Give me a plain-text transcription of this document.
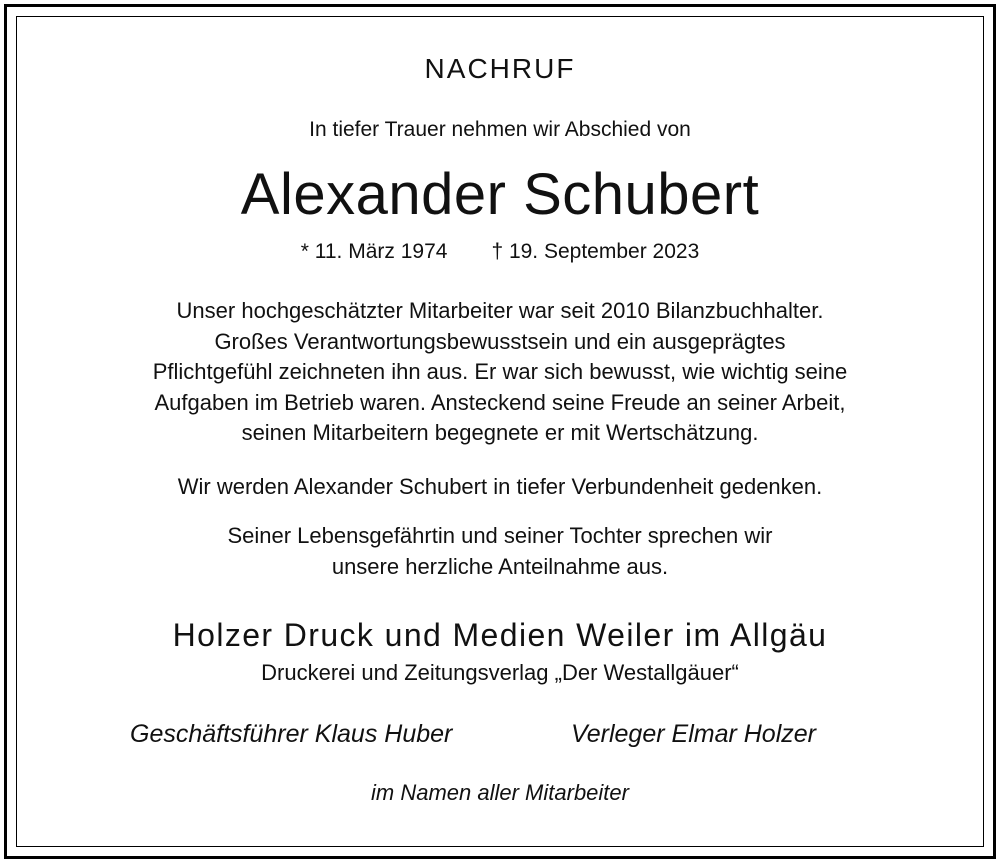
NACHRUF
In tiefer Trauer nehmen wir Abschied von
Alexander Schubert
* 11. März 1974 † 19. September 2023
Unser hochgeschätzter Mitarbeiter war seit 2010 Bilanzbuchhalter.
Großes Verantwortungsbewusstsein und ein ausgeprägtes
Pflichtgefühl zeichneten ihn aus. Er war sich bewusst, wie wichtig seine
Aufgaben im Betrieb waren. Ansteckend seine Freude an seiner Arbeit,
seinen Mitarbeitern begegnete er mit Wertschätzung.
Wir werden Alexander Schubert in tiefer Verbundenheit gedenken.
Seiner Lebensgefährtin und seiner Tochter sprechen wir
unsere herzliche Anteilnahme aus.
Holzer Druck und Medien Weiler im Allgäu
Druckerei und Zeitungsverlag „Der Westallgäuer“
Geschäftsführer Klaus Huber	Verleger Elmar Holzer
im Namen aller Mitarbeiter
